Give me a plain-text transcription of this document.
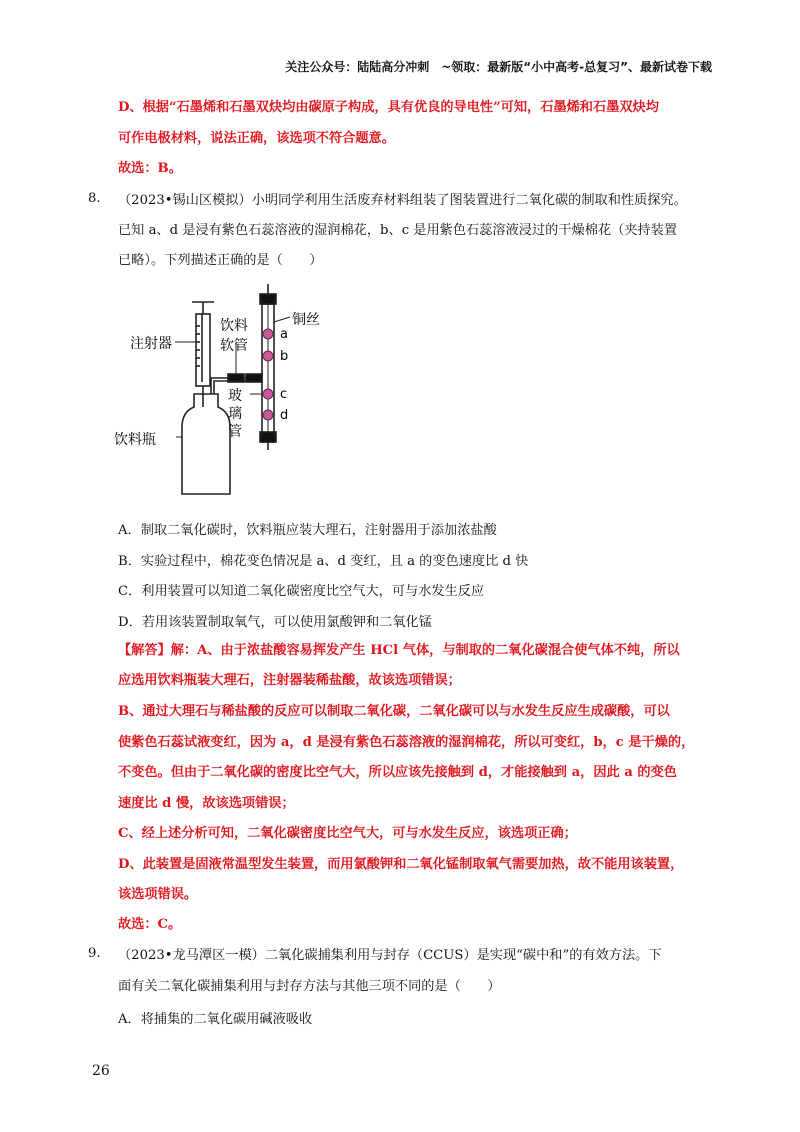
关注公众号：陆陆高分冲刺　~领取：最新版“小中高考-总复习”、最新试卷下载
D、根据“石墨烯和石墨双炔均由碳原子构成，具有优良的导电性”可知，石墨烯和石墨双炔均
可作电极材料，说法正确，该选项不符合题意。
故选：B。
8. （2023•锡山区模拟）小明同学利用生活废弃材料组装了图装置进行二氧化碳的制取和性质探究。
已知 a、d 是浸有紫色石蕊溶液的湿润棉花，b、c 是用紫色石蕊溶液浸过的干燥棉花（夹持装置
已略）。下列描述正确的是（　　）
注射器
饮料
软管
铜丝
a
b
c
d
玻
璃
管
饮料瓶
A．制取二氧化碳时，饮料瓶应装大理石，注射器用于添加浓盐酸
B．实验过程中，棉花变色情况是 a、d 变红，且 a 的变色速度比 d 快
C．利用装置可以知道二氧化碳密度比空气大，可与水发生反应
D．若用该装置制取氧气，可以使用氯酸钾和二氧化锰
【解答】解：A、由于浓盐酸容易挥发产生 HCl 气体，与制取的二氧化碳混合使气体不纯，所以
应选用饮料瓶装大理石，注射器装稀盐酸，故该选项错误；
B、通过大理石与稀盐酸的反应可以制取二氧化碳，二氧化碳可以与水发生反应生成碳酸，可以
使紫色石蕊试液变红，因为 a，d 是浸有紫色石蕊溶液的湿润棉花，所以可变红，b，c 是干燥的，
不变色。但由于二氧化碳的密度比空气大，所以应该先接触到 d，才能接触到 a，因此 a 的变色
速度比 d 慢，故该选项错误；
C、经上述分析可知，二氧化碳密度比空气大，可与水发生反应，该选项正确；
D、此装置是固液常温型发生装置，而用氯酸钾和二氧化锰制取氧气需要加热，故不能用该装置，
该选项错误。
故选：C。
9. （2023•龙马潭区一模）二氧化碳捕集利用与封存（CCUS）是实现“碳中和”的有效方法。下
面有关二氧化碳捕集利用与封存方法与其他三项不同的是（　　）
A．将捕集的二氧化碳用碱液吸收
26
